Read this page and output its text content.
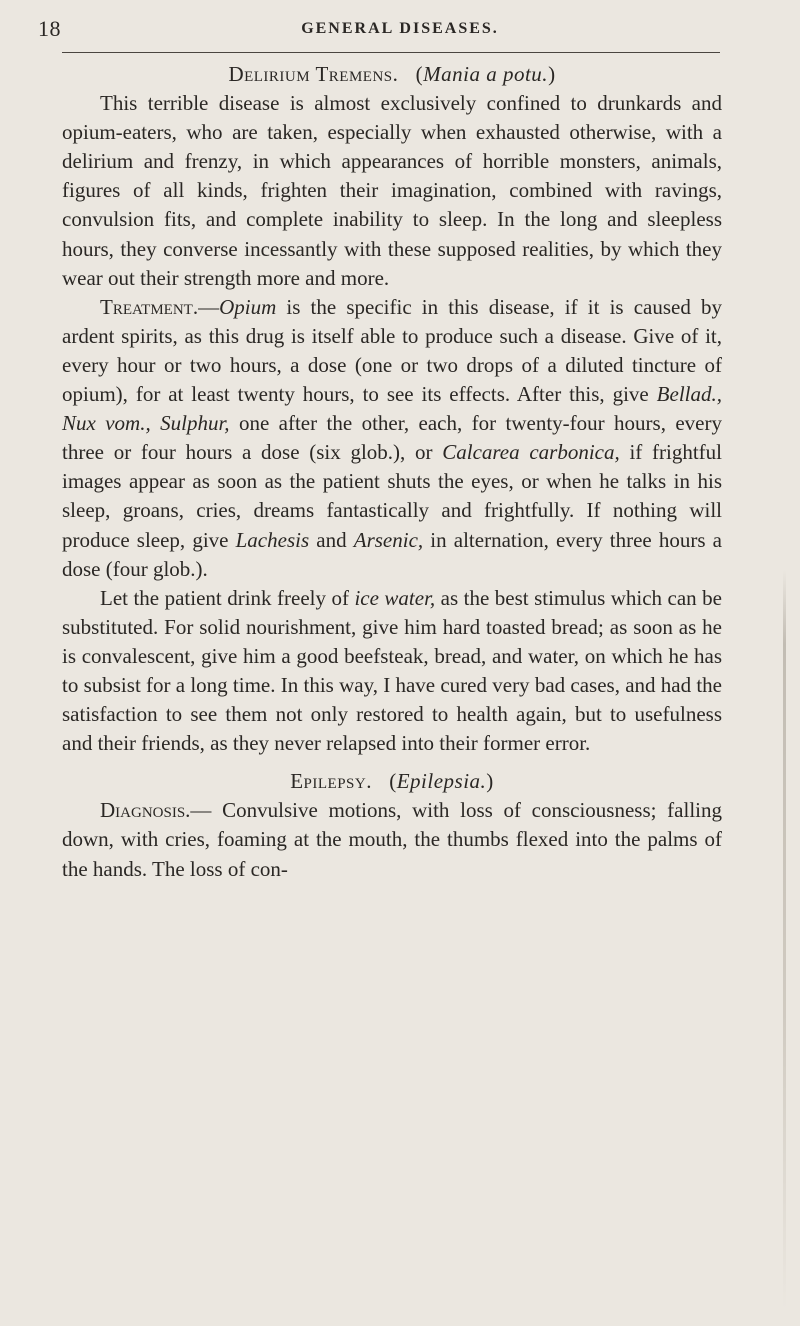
18	GENERAL DISEASES.

Delirium Tremens.   (Mania a potu.)

This terrible disease is almost exclusively confined to drunkards and opium-eaters, who are taken, especially when exhausted otherwise, with a delirium and frenzy, in which appearances of horrible monsters, animals, figures of all kinds, frighten their imagination, combined with ravings, convulsion fits, and complete inability to sleep. In the long and sleepless hours, they converse incessantly with these supposed realities, by which they wear out their strength more and more.

Treatment.—Opium is the specific in this disease, if it is caused by ardent spirits, as this drug is itself able to produce such a disease. Give of it, every hour or two hours, a dose (one or two drops of a diluted tincture of opium), for at least twenty hours, to see its effects. After this, give Bellad., Nux vom., Sulphur, one after the other, each, for twenty-four hours, every three or four hours a dose (six glob.), or Calcarea carbonica, if frightful images appear as soon as the patient shuts the eyes, or when he talks in his sleep, groans, cries, dreams fantastically and frightfully. If nothing will produce sleep, give Lachesis and Arsenic, in alternation, every three hours a dose (four glob.).

Let the patient drink freely of ice water, as the best stimulus which can be substituted. For solid nourishment, give him hard toasted bread; as soon as he is convalescent, give him a good beefsteak, bread, and water, on which he has to subsist for a long time. In this way, I have cured very bad cases, and had the satisfaction to see them not only restored to health again, but to usefulness and their friends, as they never relapsed into their former error.

Epilepsy.   (Epilepsia.)

Diagnosis.— Convulsive motions, with loss of consciousness; falling down, with cries, foaming at the mouth, the thumbs flexed into the palms of the hands. The loss of con-
